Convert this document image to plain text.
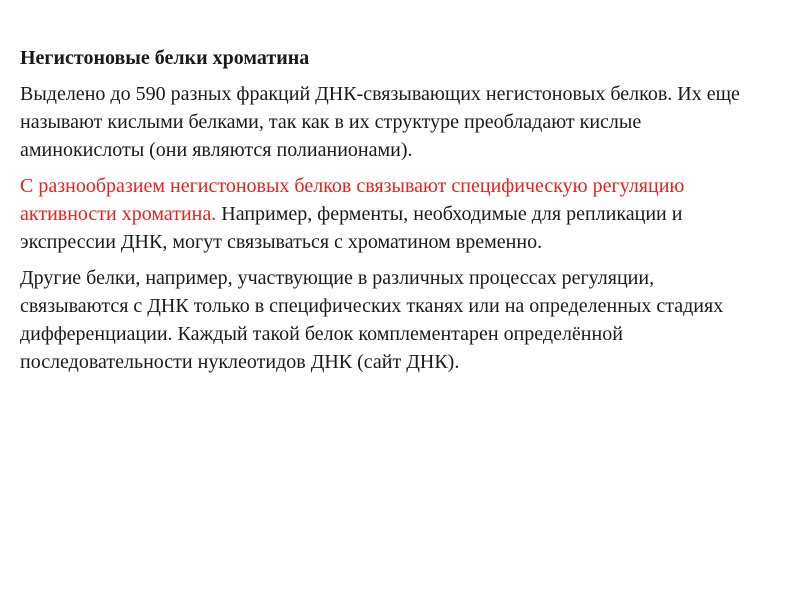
Негистоновые белки хроматина

Выделено до 590 разных фракций ДНК-связывающих негистоновых белков. Их еще называют кислыми белками, так как в их структуре преобладают кислые аминокислоты (они являются полианионами).

С разнообразием негистоновых белков связывают специфическую регуляцию активности хроматина. Например, ферменты, необходимые для репликации и экспрессии ДНК, могут связываться с хроматином временно.

Другие белки, например, участвующие в различных процессах регуляции, связываются с ДНК только в специфических тканях или на определенных стадиях дифференциации. Каждый такой белок комплементарен определённой последовательности нуклеотидов ДНК (сайт ДНК).
